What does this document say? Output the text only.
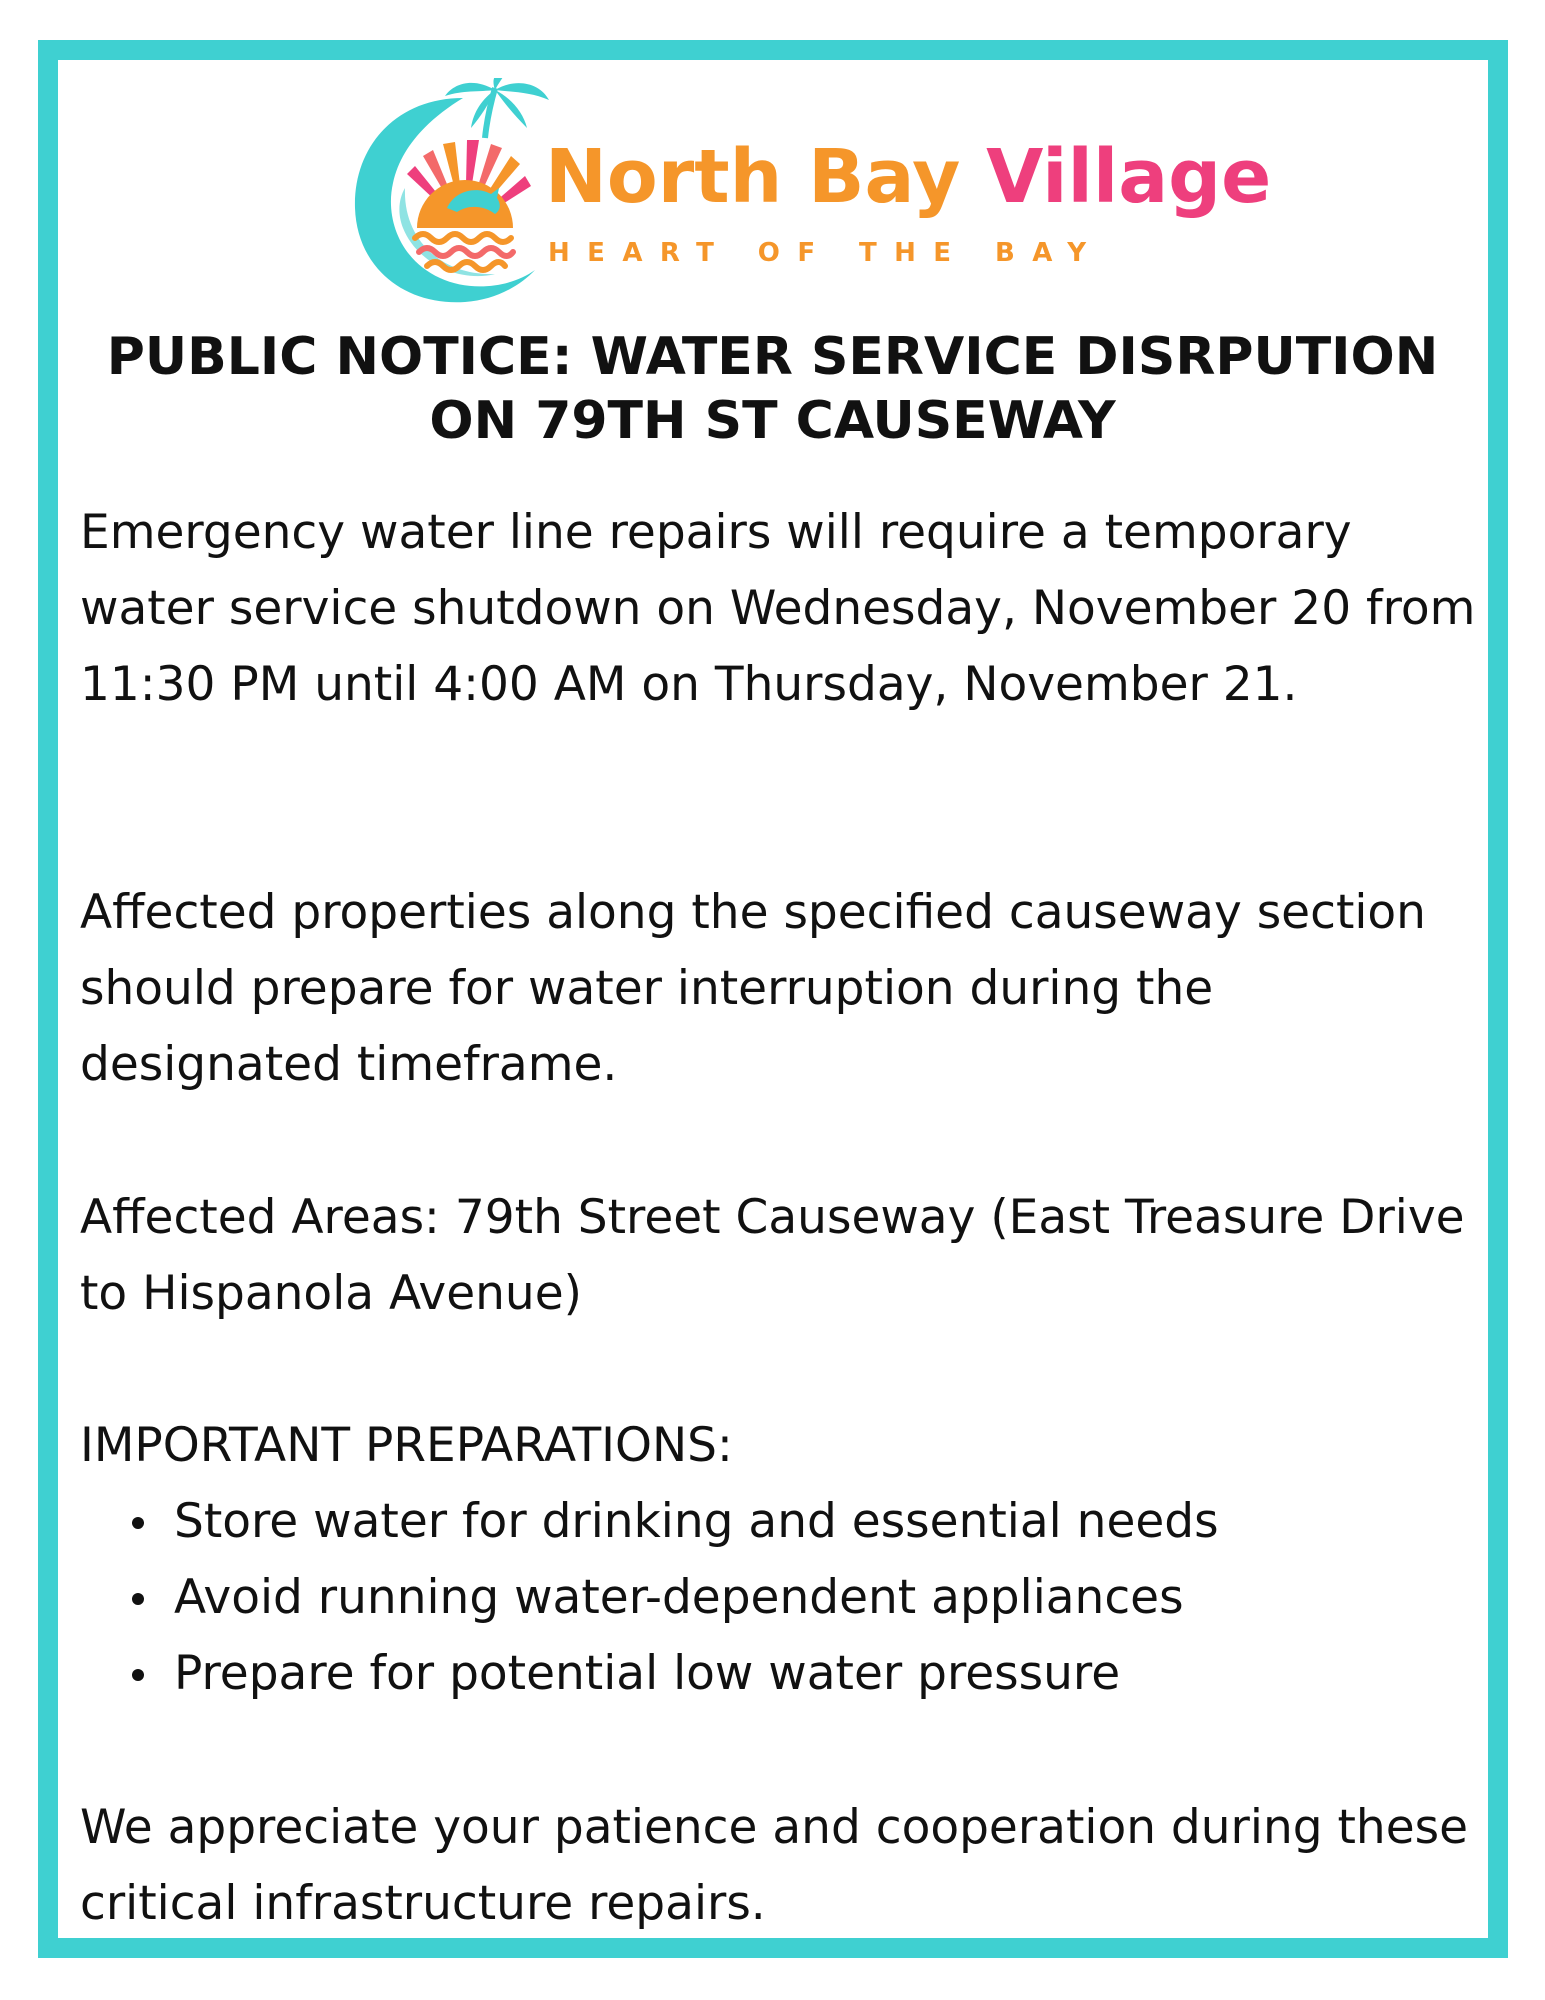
North Bay Village
HEART OF THE BAY
PUBLIC NOTICE: WATER SERVICE DISRPUTION
ON 79TH ST CAUSEWAY

Emergency water line repairs will require a temporary water service shutdown on Wednesday, November 20 from 11:30 PM until 4:00 AM on Thursday, November 21.

Affected properties along the specified causeway section should prepare for water interruption during the designated timeframe.

Affected Areas: 79th Street Causeway (East Treasure Drive to Hispanola Avenue)

IMPORTANT PREPARATIONS:

Store water for drinking and essential needs
Avoid running water-dependent appliances
Prepare for potential low water pressure

We appreciate your patience and cooperation during these critical infrastructure repairs.
